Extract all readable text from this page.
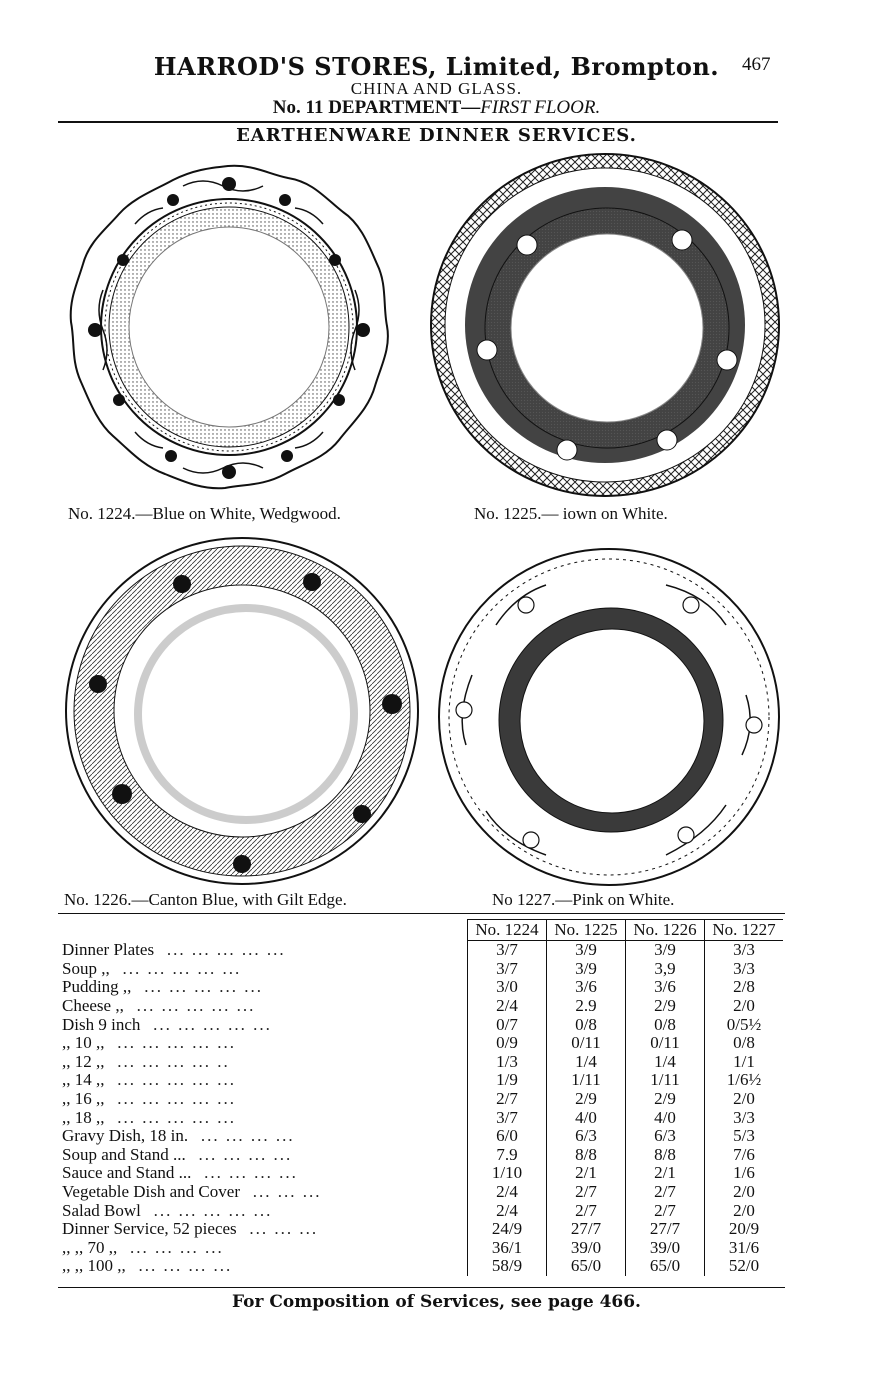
HARROD'S STORES, Limited, Brompton.	467
CHINA AND GLASS.
No. 11 DEPARTMENT—FIRST FLOOR.
EARTHENWARE DINNER SERVICES.
No. 1224.—Blue on White, Wedgwood.	No. 1225.— iown on White.
No. 1226.—Canton Blue, with Gilt Edge.	No 1227.—Pink on White.
	No. 1224	No. 1225	No. 1226	No. 1227
Dinner Plates ... ... ... ... ...	3/7	3/9	3/9	3/3
Soup ,, ... ... ... ... ...	3/7	3/9	3,9	3/3
Pudding ,, ... ... ... ... ...	3/0	3/6	3/6	2/8
Cheese ,, ... ... ... ... ...	2/4	2.9	2/9	2/0
Dish 9 inch ... ... ... ... ...	0/7	0/8	0/8	0/5½
,, 10 ,, ... ... ... ... ...	0/9	0/11	0/11	0/8
,, 12 ,, ... ... ... ... ..	1/3	1/4	1/4	1/1
,, 14 ,, ... ... ... ... ...	1/9	1/11	1/11	1/6½
,, 16 ,, ... ... ... ... ...	2/7	2/9	2/9	2/0
,, 18 ,, ... ... ... ... ...	3/7	4/0	4/0	3/3
Gravy Dish, 18 in. ... ... ... ...	6/0	6/3	6/3	5/3
Soup and Stand ... ... ... ... ...	7.9	8/8	8/8	7/6
Sauce and Stand ... ... ... ... ...	1/10	2/1	2/1	1/6
Vegetable Dish and Cover ... ... ...	2/4	2/7	2/7	2/0
Salad Bowl ... ... ... ... ...	2/4	2/7	2/7	2/0
Dinner Service, 52 pieces ... ... ...	24/9	27/7	27/7	20/9
,, ,, 70 ,, ... ... ... ...	36/1	39/0	39/0	31/6
,, ,, 100 ,, ... ... ... ...	58/9	65/0	65/0	52/0
For Composition of Services, see page 466.
